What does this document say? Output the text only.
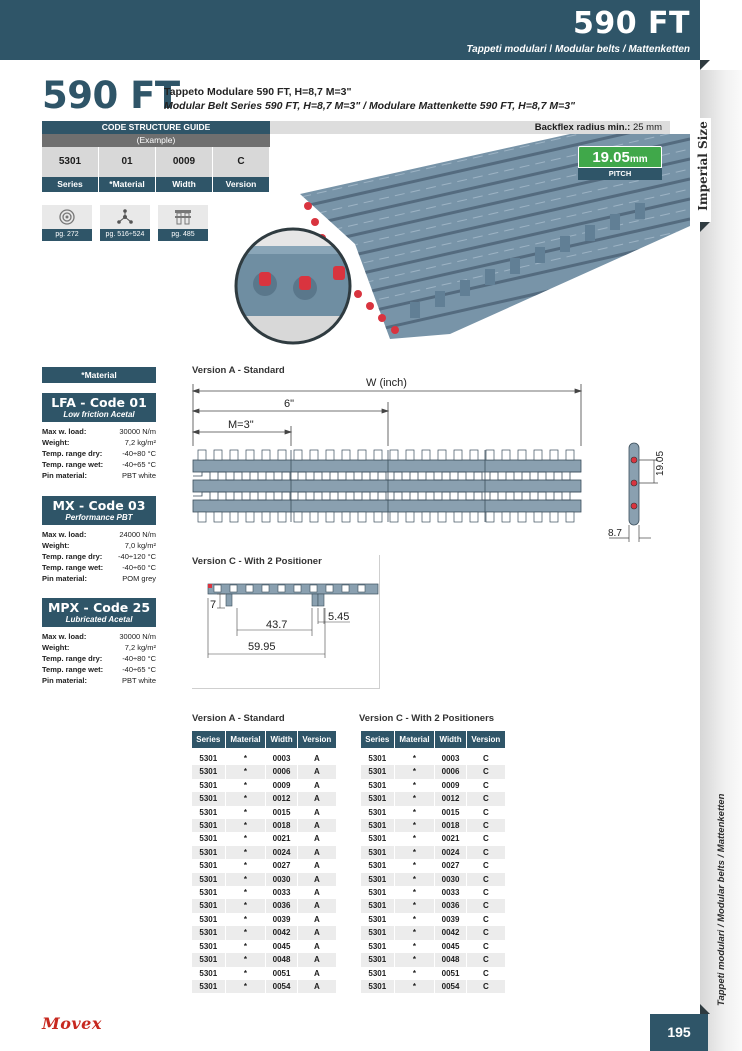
590 FT
Tappeti modulari / Modular belts / Mattenketten
Imperial Size
Tappeti modulari / Modular belts / Mattenketten
590 FT
Tappeto Modulare 590 FT, H=8,7 M=3"
Modular Belt Series 590 FT, H=8,7 M=3" / Modulare Mattenkette 590 FT, H=8,7 M=3"
CODE STRUCTURE GUIDE
(Example)
5301	01	0009	C
Series	*Material	Width	Version
Backflex radius min.: 25 mm
pg. 272	pg. 516÷524	pg. 485
19.05mm
PITCH
*Material
LFA - Code 01
Low friction Acetal
Max w. load:	30000 N/m
Weight:	7,2 kg/m²
Temp. range dry:	-40÷80 °C
Temp. range wet:	-40÷65 °C
Pin material:	PBT white
MX - Code 03
Performance PBT
Max w. load:	24000 N/m
Weight:	7,0 kg/m²
Temp. range dry: -40÷120 °C
Temp. range wet:	-40÷60 °C
Pin material:	POM grey
MPX - Code 25
Lubricated Acetal
Max w. load:	30000 N/m
Weight:	7,2 kg/m²
Temp. range dry:	-40÷80 °C
Temp. range wet:	-40÷65 °C
Pin material:	PBT white
Version A - Standard
W (inch)
6"
M=3"
19.05
8.7
Version C - With 2 Positioner
7
43.7
5.45
59.95
Version A - Standard
Series	Material	Width	Version

5301	*	0003	A
5301	*	0006	A
5301	*	0009	A
5301	*	0012	A
5301	*	0015	A
5301	*	0018	A
5301	*	0021	A
5301	*	0024	A
5301	*	0027	A
5301	*	0030	A
5301	*	0033	A
5301	*	0036	A
5301	*	0039	A
5301	*	0042	A
5301	*	0045	A
5301	*	0048	A
5301	*	0051	A
5301	*	0054	A
Version C - With 2 Positioners
Series	Material	Width	Version

5301	*	0003	C
5301	*	0006	C
5301	*	0009	C
5301	*	0012	C
5301	*	0015	C
5301	*	0018	C
5301	*	0021	C
5301	*	0024	C
5301	*	0027	C
5301	*	0030	C
5301	*	0033	C
5301	*	0036	C
5301	*	0039	C
5301	*	0042	C
5301	*	0045	C
5301	*	0048	C
5301	*	0051	C
5301	*	0054	C
Movex	195
